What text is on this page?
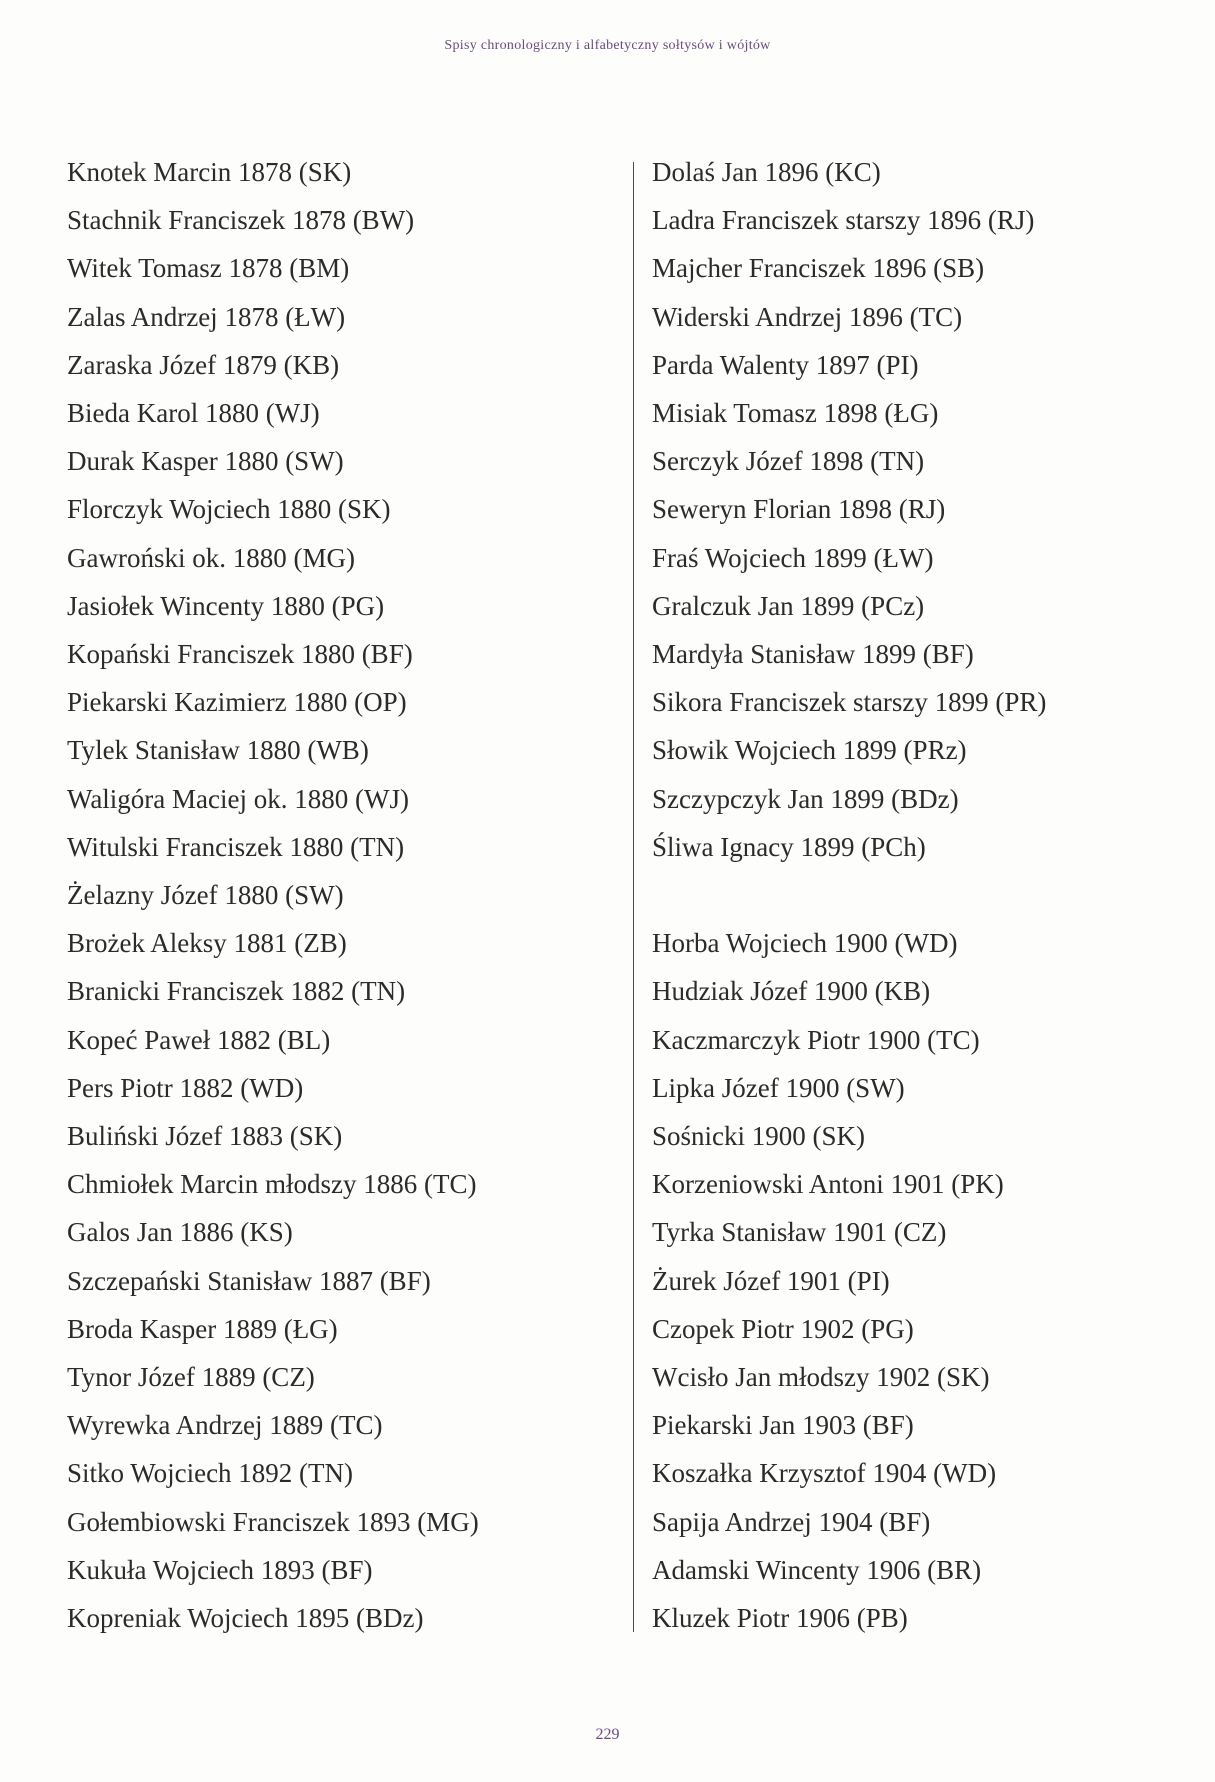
Spisy chronologiczny i alfabetyczny sołtysów i wójtów
Knotek Marcin 1878 (SK)
Stachnik Franciszek 1878 (BW)
Witek Tomasz 1878 (BM)
Zalas Andrzej 1878 (ŁW)
Zaraska Józef 1879 (KB)
Bieda Karol 1880 (WJ)
Durak Kasper 1880 (SW)
Florczyk Wojciech 1880 (SK)
Gawroński ok. 1880 (MG)
Jasiołek Wincenty 1880 (PG)
Kopański Franciszek 1880 (BF)
Piekarski Kazimierz 1880 (OP)
Tylek Stanisław 1880 (WB)
Waligóra Maciej ok. 1880 (WJ)
Witulski Franciszek 1880 (TN)
Żelazny Józef 1880 (SW)
Brożek Aleksy 1881 (ZB)
Branicki Franciszek 1882 (TN)
Kopeć Paweł 1882 (BL)
Pers Piotr 1882 (WD)
Buliński Józef 1883 (SK)
Chmiołek Marcin młodszy 1886 (TC)
Galos Jan 1886 (KS)
Szczepański Stanisław 1887 (BF)
Broda Kasper 1889 (ŁG)
Tynor Józef 1889 (CZ)
Wyrewka Andrzej 1889 (TC)
Sitko Wojciech 1892 (TN)
Gołembiowski Franciszek 1893 (MG)
Kukuła Wojciech 1893 (BF)
Kopreniak Wojciech 1895 (BDz)
Dolaś Jan 1896 (KC)
Ladra Franciszek starszy 1896 (RJ)
Majcher Franciszek 1896 (SB)
Widerski Andrzej 1896 (TC)
Parda Walenty 1897 (PI)
Misiak Tomasz 1898 (ŁG)
Serczyk Józef 1898 (TN)
Seweryn Florian 1898 (RJ)
Fraś Wojciech 1899 (ŁW)
Gralczuk Jan 1899 (PCz)
Mardyła Stanisław 1899 (BF)
Sikora Franciszek starszy 1899 (PR)
Słowik Wojciech 1899 (PRz)
Szczypczyk Jan 1899 (BDz)
Śliwa Ignacy 1899 (PCh)
Horba Wojciech 1900 (WD)
Hudziak Józef 1900 (KB)
Kaczmarczyk Piotr 1900 (TC)
Lipka Józef 1900 (SW)
Sośnicki 1900 (SK)
Korzeniowski Antoni 1901 (PK)
Tyrka Stanisław 1901 (CZ)
Żurek Józef 1901 (PI)
Czopek Piotr 1902 (PG)
Wcisło Jan młodszy 1902 (SK)
Piekarski Jan 1903 (BF)
Koszałka Krzysztof 1904 (WD)
Sapija Andrzej 1904 (BF)
Adamski Wincenty 1906 (BR)
Kluzek Piotr 1906 (PB)
229
